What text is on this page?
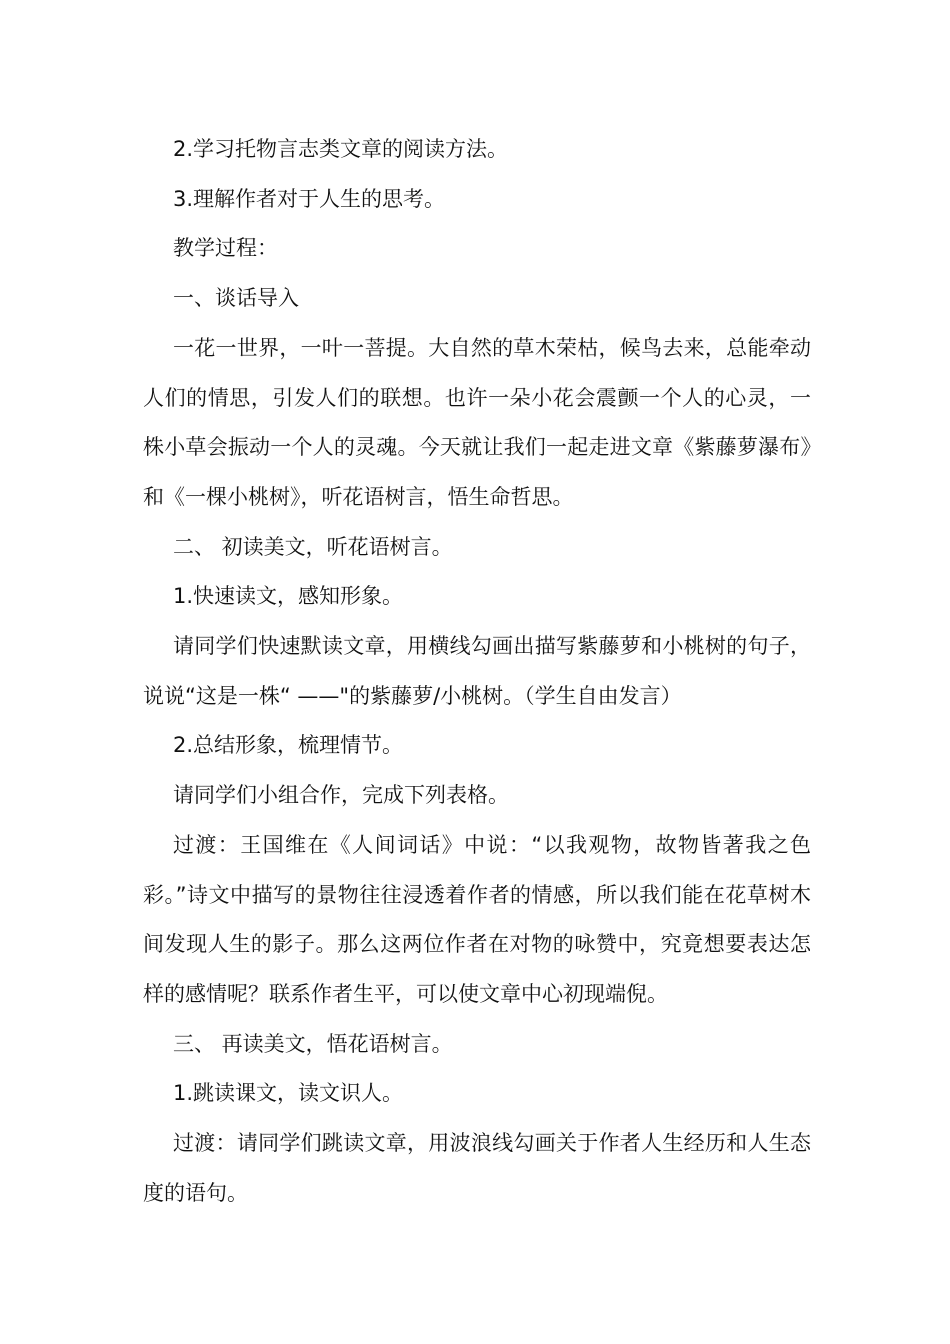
2.学习托物言志类文章的阅读方法。

3.理解作者对于人生的思考。

教学过程：

一、谈话导入

一花一世界，一叶一菩提。大自然的草木荣枯，候鸟去来，总能牵动人们的情思，引发人们的联想。也许一朵小花会震颤一个人的心灵，一株小草会振动一个人的灵魂。今天就让我们一起走进文章《紫藤萝瀑布》和《一棵小桃树》，听花语树言，悟生命哲思。

二、 初读美文，听花语树言。

1.快速读文，感知形象。

请同学们快速默读文章，用横线勾画出描写紫藤萝和小桃树的句子，说说“这是一株“ ——"的紫藤萝/小桃树。（学生自由发言）

2.总结形象，梳理情节。

请同学们小组合作，完成下列表格。

过渡：王国维在《人间词话》中说：“以我观物，故物皆著我之色彩。”诗文中描写的景物往往浸透着作者的情感，所以我们能在花草树木间发现人生的影子。那么这两位作者在对物的咏赞中，究竟想要表达怎样的感情呢？联系作者生平，可以使文章中心初现端倪。

三、 再读美文，悟花语树言。

1.跳读课文，读文识人。

过渡：请同学们跳读文章，用波浪线勾画关于作者人生经历和人生态度的语句。
